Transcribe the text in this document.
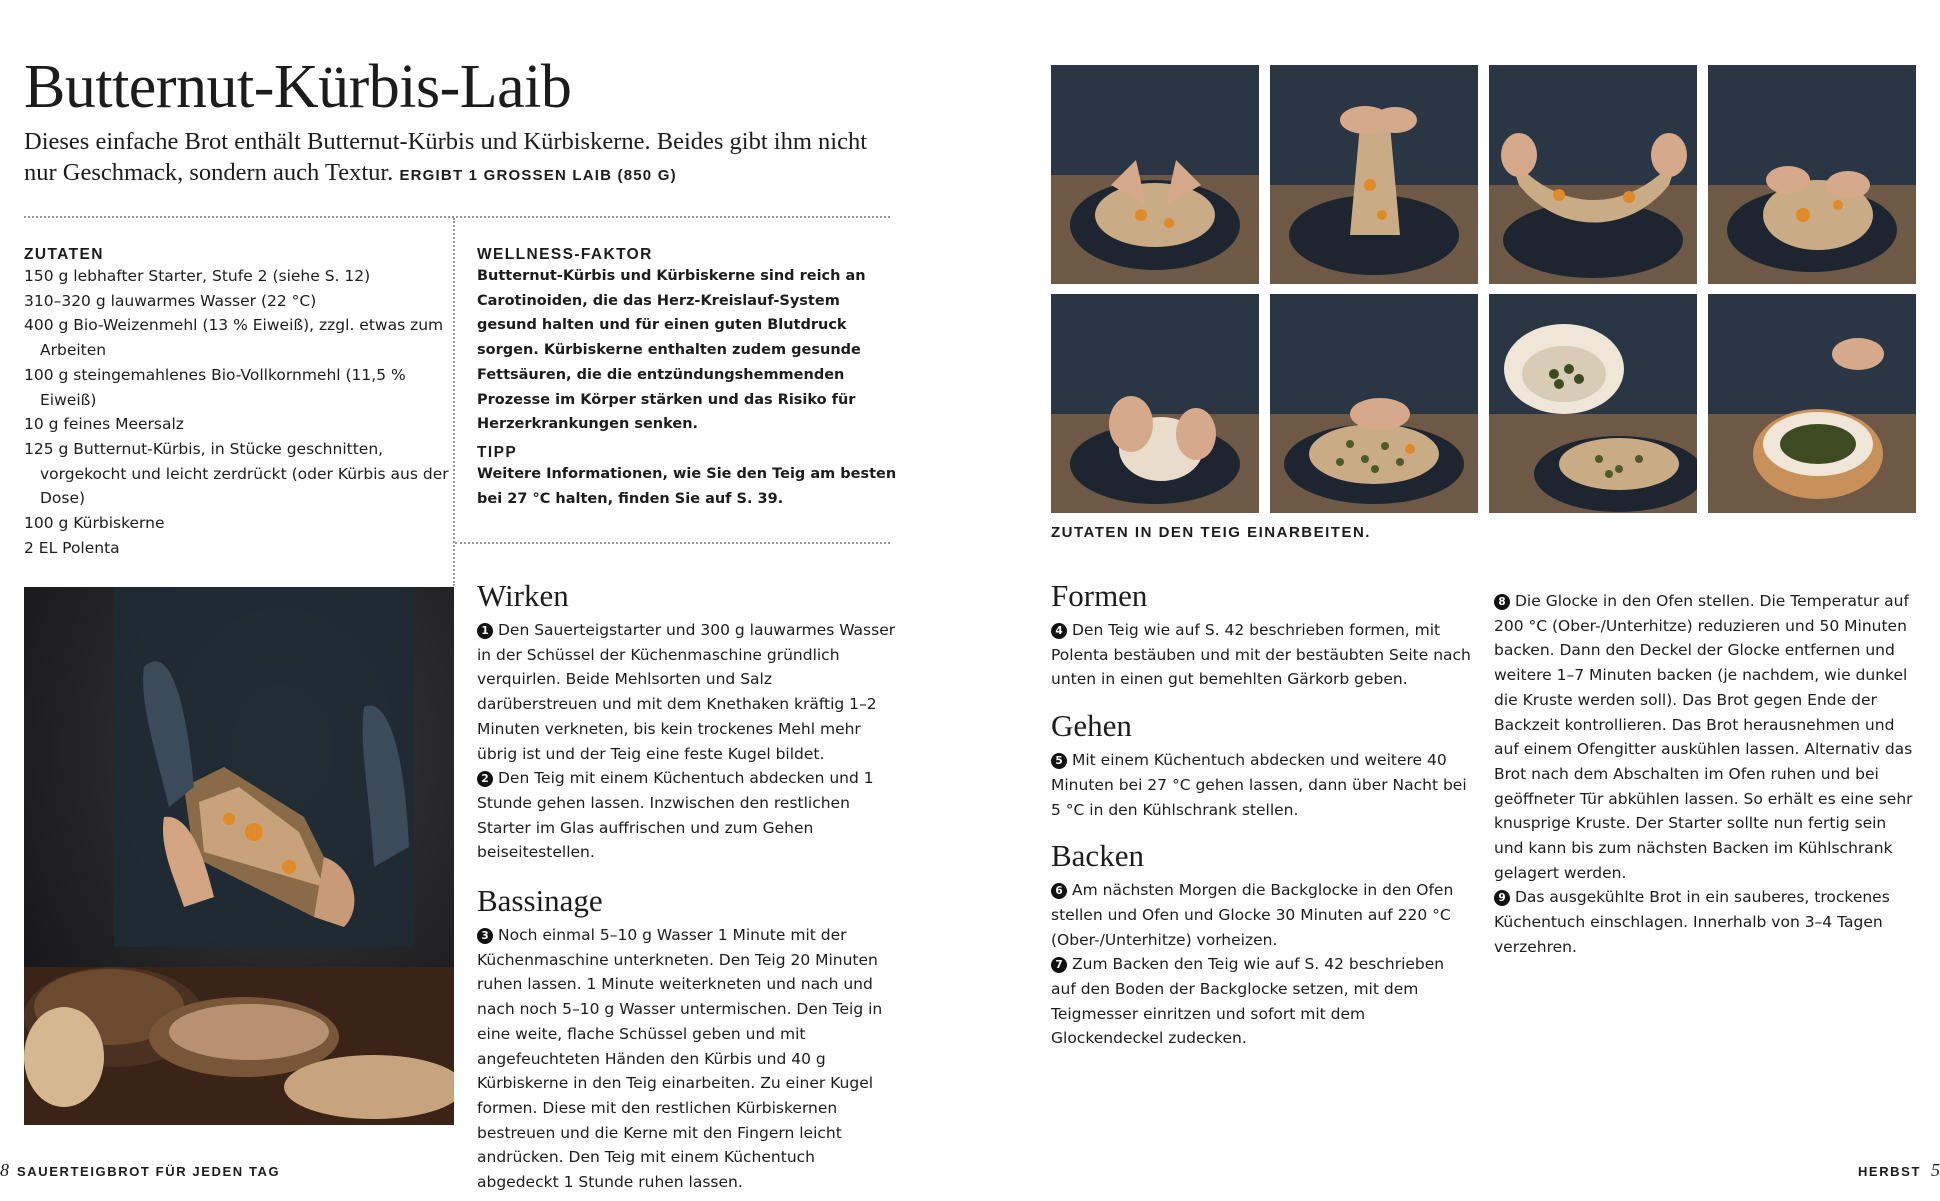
Butternut-Kürbis-Laib
Dieses einfache Brot enthält Butternut-Kürbis und Kürbiskerne. Beides gibt ihm nicht nur Geschmack, sondern auch Textur. ERGIBT 1 GROSSEN LAIB (850 G)
ZUTATEN
150 g lebhafter Starter, Stufe 2 (siehe S. 12)
310–320 g lauwarmes Wasser (22 °C)
400 g Bio-Weizenmehl (13 % Eiweiß), zzgl. etwas zum Arbeiten
100 g steingemahlenes Bio-Vollkornmehl (11,5 % Eiweiß)
10 g feines Meersalz
125 g Butternut-Kürbis, in Stücke geschnitten, vorgekocht und leicht zerdrückt (oder Kürbis aus der Dose)
100 g Kürbiskerne
2 EL Polenta
WELLNESS-FAKTOR
Butternut-Kürbis und Kürbiskerne sind reich an Carotinoiden, die das Herz-Kreislauf-System gesund halten und für einen guten Blutdruck sorgen. Kürbiskerne enthalten zudem gesunde Fettsäuren, die die entzündungshemmenden Prozesse im Körper stärken und das Risiko für Herzerkrankungen senken.
TIPP
Weitere Informationen, wie Sie den Teig am besten bei 27 °C halten, finden Sie auf S. 39.
Wirken

1 Den Sauerteigstarter und 300 g lauwarmes Wasser in der Schüssel der Küchenmaschine gründlich verquirlen. Beide Mehlsorten und Salz darüberstreuen und mit dem Knethaken kräftig 1–2 Minuten verkneten, bis kein trockenes Mehl mehr übrig ist und der Teig eine feste Kugel bildet.

2 Den Teig mit einem Küchentuch abdecken und 1 Stunde gehen lassen. Inzwischen den restlichen Starter im Glas auffrischen und zum Gehen beiseitestellen.

Bassinage

3 Noch einmal 5–10 g Wasser 1 Minute mit der Küchenmaschine unterkneten. Den Teig 20 Minuten ruhen lassen. 1 Minute weiterkneten und nach und nach noch 5–10 g Wasser untermischen. Den Teig in eine weite, flache Schüssel geben und mit angefeuchteten Händen den Kürbis und 40 g Kürbiskerne in den Teig einarbeiten. Zu einer Kugel formen. Diese mit den restlichen Kürbiskernen bestreuen und die Kerne mit den Fingern leicht andrücken. Den Teig mit einem Küchentuch abgedeckt 1 Stunde ruhen lassen.

ZUTATEN IN DEN TEIG EINARBEITEN.
Formen

4 Den Teig wie auf S. 42 beschrieben formen, mit Polenta bestäuben und mit der bestäubten Seite nach unten in einen gut bemehlten Gärkorb geben.

Gehen

5 Mit einem Küchentuch abdecken und weitere 40 Minuten bei 27 °C gehen lassen, dann über Nacht bei 5 °C in den Kühlschrank stellen.

Backen

6 Am nächsten Morgen die Backglocke in den Ofen stellen und Ofen und Glocke 30 Minuten auf 220 °C (Ober-/Unterhitze) vorheizen.

7 Zum Backen den Teig wie auf S. 42 beschrieben auf den Boden der Backglocke setzen, mit dem Teigmesser einritzen und sofort mit dem Glockendeckel zudecken.

8 Die Glocke in den Ofen stellen. Die Temperatur auf 200 °C (Ober-/Unterhitze) reduzieren und 50 Minuten backen. Dann den Deckel der Glocke entfernen und weitere 1–7 Minuten backen (je nachdem, wie dunkel die Kruste werden soll). Das Brot gegen Ende der Backzeit kontrollieren. Das Brot herausnehmen und auf einem Ofengitter auskühlen lassen. Alternativ das Brot nach dem Abschalten im Ofen ruhen und bei geöffneter Tür abkühlen lassen. So erhält es eine sehr knusprige Kruste. Der Starter sollte nun fertig sein und kann bis zum nächsten Backen im Kühlschrank gelagert werden.

9 Das ausgekühlte Brot in ein sauberes, trockenes Küchentuch einschlagen. Innerhalb von 3–4 Tagen verzehren.

8 SAUERTEIGBROT FÜR JEDEN TAG	HERBST 5
